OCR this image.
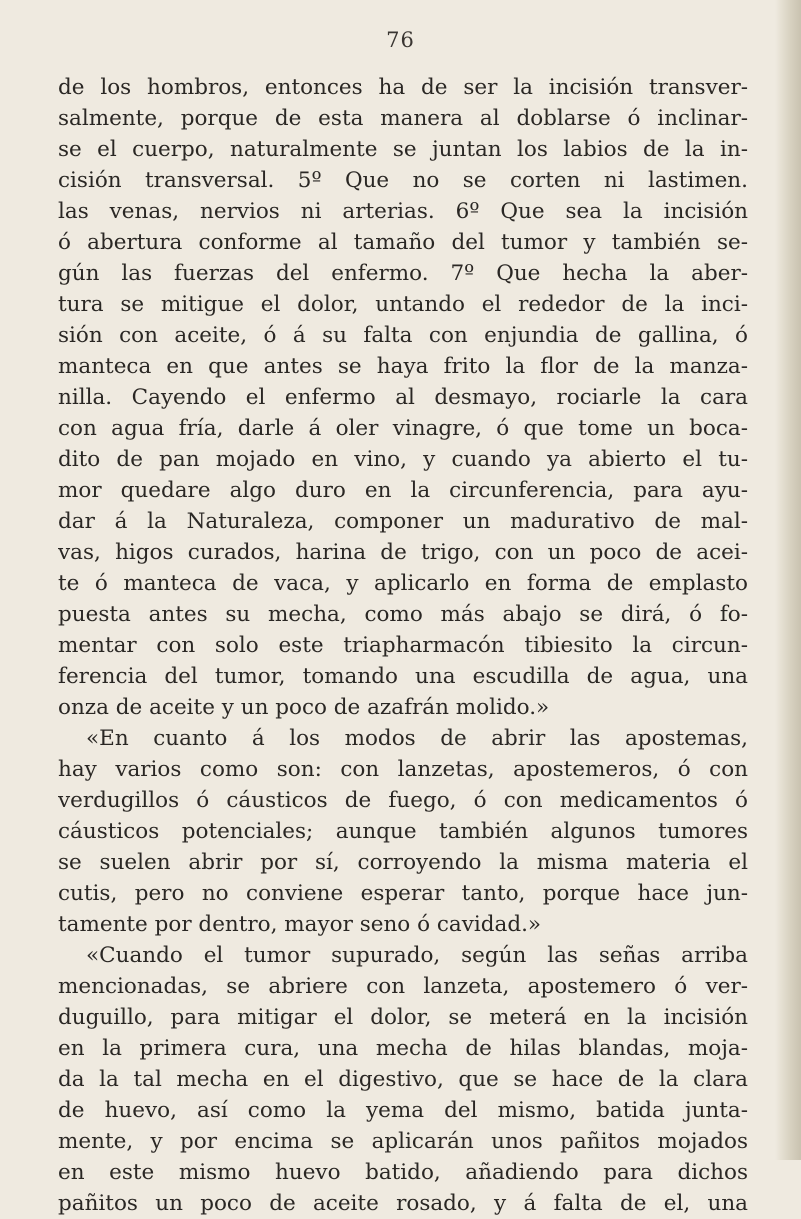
76
de los hombros, entonces ha de ser la incisión transver-
salmente, porque de esta manera al doblarse ó inclinar-
se el cuerpo, naturalmente se juntan los labios de la in-
cisión transversal. 5º Que no se corten ni lastimen.
las venas, nervios ni arterias. 6º Que sea la incisión
ó abertura conforme al tamaño del tumor y también se-
gún las fuerzas del enfermo. 7º Que hecha la aber-
tura se mitigue el dolor, untando el rededor de la inci-
sión con aceite, ó á su falta con enjundia de gallina, ó
manteca en que antes se haya frito la flor de la manza-
nilla. Cayendo el enfermo al desmayo, rociarle la cara
con agua fría, darle á oler vinagre, ó que tome un boca-
dito de pan mojado en vino, y cuando ya abierto el tu-
mor quedare algo duro en la circunferencia, para ayu-
dar á la Naturaleza, componer un madurativo de mal-
vas, higos curados, harina de trigo, con un poco de acei-
te ó manteca de vaca, y aplicarlo en forma de emplasto
puesta antes su mecha, como más abajo se dirá, ó fo-
mentar con solo este triapharmacón tibiesito la circun-
ferencia del tumor, tomando una escudilla de agua, una
onza de aceite y un poco de azafrán molido.»
«En cuanto á los modos de abrir las apostemas,
hay varios como son: con lanzetas, apostemeros, ó con
verdugillos ó cáusticos de fuego, ó con medicamentos ó
cáusticos potenciales; aunque también algunos tumores
se suelen abrir por sí, corroyendo la misma materia el
cutis, pero no conviene esperar tanto, porque hace jun-
tamente por dentro, mayor seno ó cavidad.»
«Cuando el tumor supurado, según las señas arriba
mencionadas, se abriere con lanzeta, apostemero ó ver-
duguillo, para mitigar el dolor, se meterá en la incisión
en la primera cura, una mecha de hilas blandas, moja-
da la tal mecha en el digestivo, que se hace de la clara
de huevo, así como la yema del mismo, batida junta-
mente, y por encima se aplicarán unos pañitos mojados
en este mismo huevo batido, añadiendo para dichos
pañitos un poco de aceite rosado, y á falta de el, una
